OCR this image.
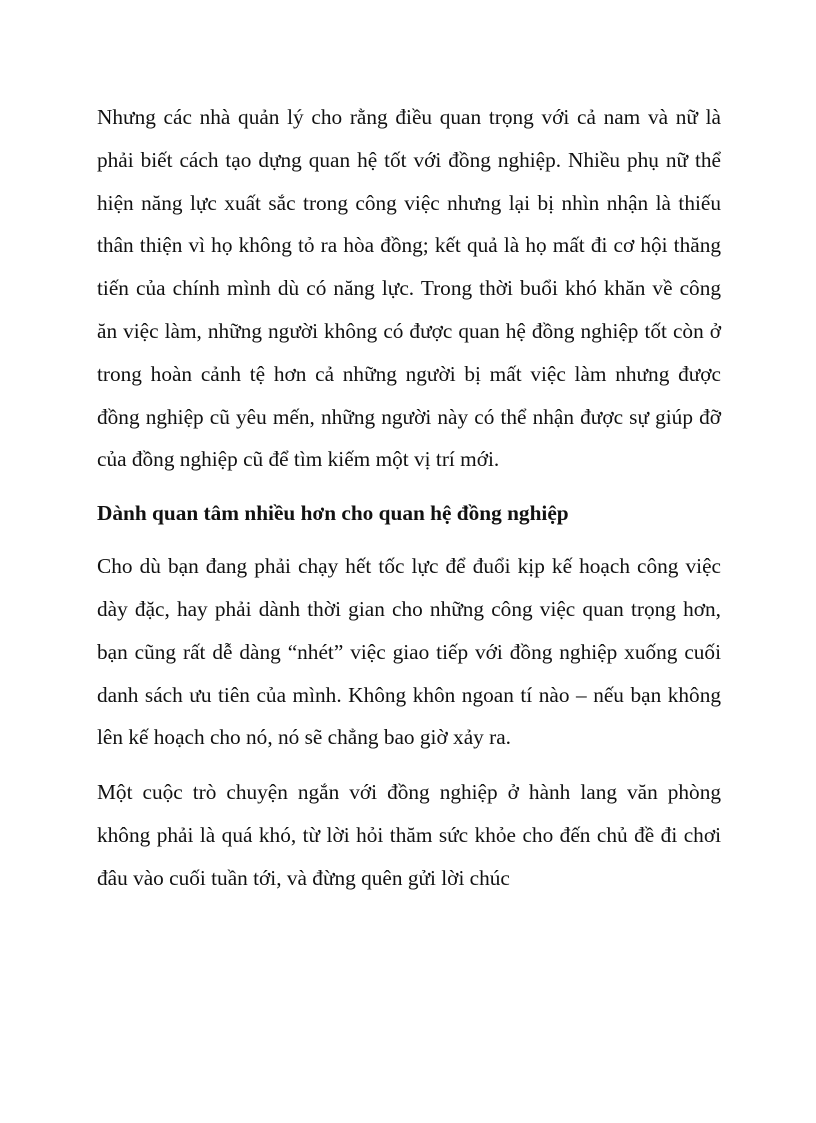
Nhưng các nhà quản lý cho rằng điều quan trọng với cả nam và nữ là phải biết cách tạo dựng quan hệ tốt với đồng nghiệp. Nhiều phụ nữ thể hiện năng lực xuất sắc trong công việc nhưng lại bị nhìn nhận là thiếu thân thiện vì họ không tỏ ra hòa đồng; kết quả là họ mất đi cơ hội thăng tiến của chính mình dù có năng lực. Trong thời buổi khó khăn về công ăn việc làm, những người không có được quan hệ đồng nghiệp tốt còn ở trong hoàn cảnh tệ hơn cả những người bị mất việc làm nhưng được đồng nghiệp cũ yêu mến, những người này có thể nhận được sự giúp đỡ của đồng nghiệp cũ để tìm kiếm một vị trí mới.

Dành quan tâm nhiều hơn cho quan hệ đồng nghiệp

Cho dù bạn đang phải chạy hết tốc lực để đuổi kịp kế hoạch công việc dày đặc, hay phải dành thời gian cho những công việc quan trọng hơn, bạn cũng rất dễ dàng “nhét” việc giao tiếp với đồng nghiệp xuống cuối danh sách ưu tiên của mình. Không khôn ngoan tí nào – nếu bạn không lên kế hoạch cho nó, nó sẽ chẳng bao giờ xảy ra.

Một cuộc trò chuyện ngắn với đồng nghiệp ở hành lang văn phòng không phải là quá khó, từ lời hỏi thăm sức khỏe cho đến chủ đề đi chơi đâu vào cuối tuần tới, và đừng quên gửi lời chúc
